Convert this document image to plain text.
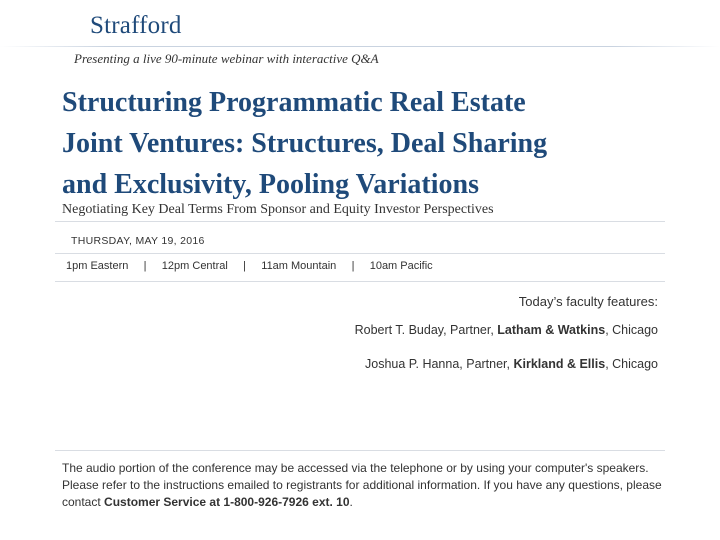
Strafford
Presenting a live 90-minute webinar with interactive Q&A
Structuring Programmatic Real Estate
Joint Ventures: Structures, Deal Sharing
and Exclusivity, Pooling Variations
Negotiating Key Deal Terms From Sponsor and Equity Investor Perspectives
THURSDAY, MAY 19, 2016
1pm Eastern | 12pm Central | 11am Mountain | 10am Pacific
Today’s faculty features:
Robert T. Buday, Partner, Latham & Watkins, Chicago
Joshua P. Hanna, Partner, Kirkland & Ellis, Chicago
The audio portion of the conference may be accessed via the telephone or by using your computer's speakers. Please refer to the instructions emailed to registrants for additional information. If you have any questions, please contact Customer Service at 1-800-926-7926 ext. 10.
